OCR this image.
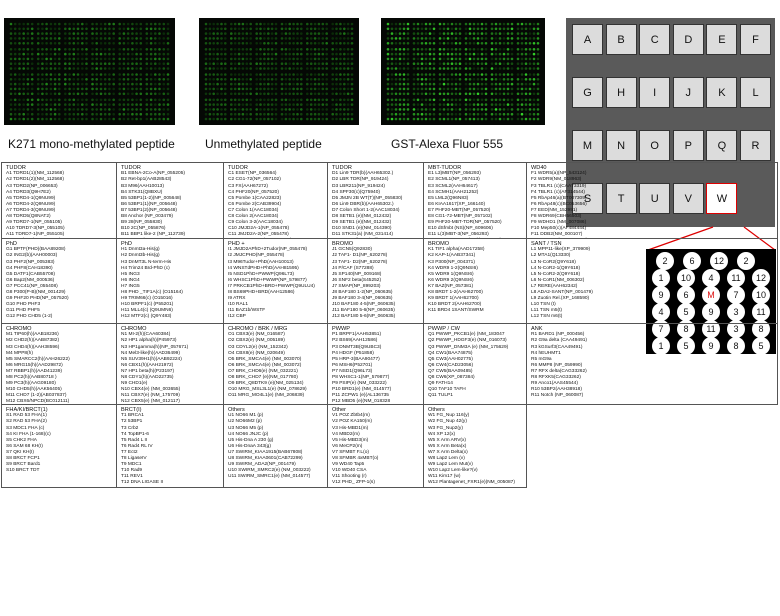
K271 mono-methylated peptide	Unmethylated peptide	GST-Alexa Fluor 555
A	B	C	D	E	F
G	H	I	J	K	L
M	N	O	P	Q	R
S	T	U	V	W
2	6	12	2
1	10	4	11	12
9	6	M	7	10
4	5	9	3	11
7	8	11	3	8
1	5	9	8	5
TUDOR
A1 TDRD1(1)(NM_112568)
A2 TDRD1(2)(NM_112568)
A3 TDRD2(NP_006653)
A4 TDRD3(Q9H7E2)
A5 TDRD4-1(Q9NU99)
A6 TDRD4-2(Q9NU99)
A7 TDRD4-3(Q9NU99)
A8 TDRD5(Q8NAT2)
A9 TDRD7-1(NP_055105)
A10 TDRD7-3(NP_055105)
A11 TDRD7-1(NP_055105)
TUDOR
B1 EBNA-2Co-A(NP_055205)
B2 Ret-bp1(AAB28543)
B3 M96(AAH10013)
B4 STK31(Q8BXU)
B5 53BP1(1-2)(NP_005648)
B6 53BP1(1)(NP_005648)
B7 53BP1(2)(NP_005648)
B8 Anchor (NP_003479)
B9 28(NP_055830)
B10 2C(NP_055876)
B11 BBP1 like-2 (NP_112739)
TUDOR
C1 ESET(NP_036564)
C2 CG1-72(NP_057102)
C3 FX(AAH67272)
C4 PHF20(NP_057520)
C5 Pombe 1(CAA22823)
C6 Pombe 2(CAB39904)
C7 Colon 1(AAC18034)
C8 Colon 2(AAC18034)
C9 Colon 3-2(AAC18034)
C10 JMJD2A-1(NP_055478)
C11 JMJD2A-2(NP_055478)
TUDOR
D1 Lin9 TDR(b)(AAH65302.)
D2 LBR TDR(NP_919424)
D3 LBR211(NP_919424)
D4 SPF30(c)(Q75940)
D5 JMJN 2B WT(T)(NP_055830)
D6 Lin9 DBR(b)(AAH65302.)
D7 Colon Short 1-2(AAC18034)
D8 SETB1 (e)(NM_012432)
D9 SETB1 (e)(NM_012432)
D10 SND1 (e)(NM_014390)
D11 STK31(a) (NM_031414)
MBT-TUDOR
E1 L3)MBT(NP_056293)
E2 SCML1(NP_057413)
E3 SCML2(AAH64617)
E4 SCMH1(AAH21252)
E5 LML2(Q96N83)
E6 KIAA1617(XP_166140)
E7 PHF20-MBT(NP_057520)
E8 CG1-72-MBT(NP_057102)
E9 PHF20-MBT-TDR(NP_057520)
E10 dSfmbt (NS)(NP_609606)
E11 L(3)MBT-3(NP_056293)
WD40
F1 WDR5(a)(NP_543124)
F2 WDR9(NM_018963)
F3 TBLR1 (c)(CAA73319)
F4 TBLR1 (c)(AF314544)
F5 RbAp46(a)(BT007309)
F6 RbAp48(c)(BC053656)
F7 EED(NM_152991)
F8 WDR69(CBH56503)
F9 WDHD1 (NM_007086)
F10 Mep50(c)(AF484444)
F11 DDB2(NM_000107)
PhD
G1 BPTF(PHD)(BAA89208)
G2 ING2(b)(AAH00003)
G3 PHF2(NP_005383)
G4 PHF8(CAH18390)
G5 DATF1(CAB55708)
G6 Bap2(NM_000536)
G7 PCC41(NP_055408)
G8 P300(P-B)(NM_001429)
G9 PHF20 PHD(NP_057520)
G10 PHD PHF3
G11 PHD PHF5
G12 PHD CHD5 (1-2)
PhD
H1 Dnmt3a-His(g)
H2 Dnmt3b-His(g)
H3 DnMT3L N-term-His
H4 Trim24 Brd-PhD (c)
H5 ING3
H6 ING4
H7 ING5
H8 PHD _TIF1A(c) (O15164)
H9 TRIM66(c) (O15016)
H10 BRPF1(c) (P55201)
H11 MLL4(c) (Q9UMN6)
H12 MTF2(c) (Q9Y483)
PHD +
I1 JMJD2APhD+2Tudor(NP_055478)
I2 JMJCPHD(NP_055478)
I3 M96Tudor+PhD(AAH10013)
I4 WNSTdPHD+PhD(AAH81595)
I5 NSD1PhD+PWWP(Q96L73)
I6 WHSC1PhD+PWWP(NP_579877)
I7 PRKCB1PhD+BRD+PWWP(Q9ULU4)
I8 BS69PHD+BRD(AAH12586)
I9 ATRX
I10 RAL1
I11 BAZ1b/WSTF
I12 CBP
BROMO
J1 GCN5(Q92830)
J2 TAF1- D1(NP_620278)
J3 TAF1- D2(NP_620278)
J4 P/CAF (S77288)
J5 SP140(NP_009168)
J6 SNF2 beta(S45252)
J7 SMAP(NP_899203)
J8 BAF180 1-2(NP_060635)
J9 BAF180 3-4(NP_060635)
J10 BAF180 4-5(NP_060635)
J11 BAF180 5-6(NP_060635)
J12 BAF180 5-6(NP_060635)
BROMO
K1 TIF1 alpha(AAD17258)
K2 KAP-1(AAB37341)
K3 P300(NP_004371)
K4 WDR9 1-2(Q9NSI6)
K5 WDR9 1(Q9NSI6)
K6 WDR9 2(Q9NSI6)
K7 BAZ(NP_057381)
K8 BRDT 1-2(AAH62700)
K9 BRDT 1(AAH62700)
K10 BRDT 2(AAH62700)
K11 BRD4 1SANT/SWRM
SANT / TSN
L1 MPP11-like(XP_379909)
L2 MTA1(Q13330)
L3 N-CoR2(Q9Y618)
L4 N-CoR2-1(Q9Y618)
L5 N-CoR2-2(Q9Y618)
L6 N-CoR1(NM_006302)
L7 RERE(AAH62342)
L8 ADA2-SANT(NP_001479)
L9 Zuotin Rel.(XP_168590)
L10 TSN (t)
L11 TSN m5(t)
L12 TSN m6(t)
CHROMO
M1 TIP60(h)(AAB18236)
M2 CHD2(h)(AAB87382)
M3 CHD4(h)(AAH38596)
M4 MPP8(h)
M5 SMARCC2(h)(AAH26222)
M6 MRG15(h)(AAD29872)
M7 RBBP1(h)(AAD41239)
M8 PC2(h)(AAB80718 )
M9 PC3(h)(AAG09180)
M10 CHD5(h)(AAK56405)
M11 CHD7 (1-2)(AB037837)
M12 CBX6/NPCD(BC012111)
CHROMO
N1 MI-2(h)(CAA60384)
N2 HP1 alpha(h)(P45973)
N3 HP1gamma(h)(NP_057671)
N4 Mel3-like(h)(AAD36499)
N5 SUV39H1(h)(AAB92224)
N6 CBX1(h)(AAH21972)
N7 HP1 beta(h)(P23197)
N8 CDY1(h)(AAD22735)
N9 CHD1(e)
N10 CBX4(e) (NM_003655)
N11 CBX7(e) (NM_175709)
N12 CBX5(e) (NM_012117)
CHROMO / BRK / MRG
O1 CBX3(e) (NM_016587)
O2 CBX2(e) (NM_005189)
O3 CDYL2(e) (NM_152342)
O4 CBX8(e) (NM_020649)
O5 BRK_SMCA4(e) (NM_003070)
O6 BRK_SMCA4(e) (NM_003072)
O7 BRK_CHD6(e) (NM_032221)
O8 BRK_CHD7 (e)(NM_017780)
O9 BRK_Q8DTK9 (e)(NM_025134)
O10 MRG_MSL3L1(e) (NM_078629)
O11 MRG_MO4L1(e) (NM_206839)
PWWP
P1 BRPF1(AAH53851)
P2 BS69(AAH12586)
P3 DNMT3B(Q9UBC3)
P4 HDGF (P51858)
P5 HRP-3(BAA90477)
P6 MSH6(P52701)
P7 NSD1(Q96L73)
P8 WHSC1-1(NP_579877)
P9 PSIP(e) (NM_033222)
P10 BRD1(e) (NM_014577)
P11 ZCPW1 (e)(AL136735
P12 MBD5 (e)(NM_018328
PWWP / CW
Q1 PWWP_PKCB1(e) (NM_183047
Q2 PWWP_HDGF3(e) (NM_016073)
Q3 PWWP_DNM3A (e) (NM_175629)
Q4 CW1(BAA74875)
Q5 CW3(AAH02775)
Q6 CW4(CAD23056)
Q7 CW5(BAA09485)
Q8 CW6(XP_087384)
Q9 FATH14
Q10 TAF10 TAFH
Q11 TULP1
ANK
R1 BARD1 (NP_000456)
R2 G9a delta (CAA49491)
R3 kGSurf3(CAA49491)
R4 hEUHMT1
R5 mG9a
R6 MMP8 (NP_059990)
R7 RFX delta(CAG33262)
R8 RFXK5(CAG33262)
R9 Anco1(AAS45544)
R10 53BP2(AAH38918)
R11 Notch (NP_060087)
FHA/KI/BRCT(1)
S1 RAD 53 FHA(1)
S2 RAD 53 FHA(2)
S3 MDC1 FHA (c)
S4 KI FHA (1-168)(c)
S5 CHK2 FHA
S6 SAM 68 KH(I)
S7 QKI KH(I)
S8 BRCT FCP1
S9 BRCT Bard1
S10 BRCT TDT
BRCT(I)
T1 BRCA1
T2 53BP1
T3 Crb2
T4 TopBP1-6
T5 Rad4 L II
T6 Rad4 RL IV
T7 Ect2
T8 LigaseIV
T9 MDC1
T10 Rad9
T11 REV1
T12 DNA LIGASE II
Others
U1 NO66 M1 (p)
U2 NO66M2 (p)
U3 NO66 M5 (p)
U4 NO66 JNJC (p)
U5 His-Dna A 230 (g)
U6 His-DnaA 343(g)
U7 SWIRM_KIAA1915(BAB67808)
U8 SWIRM_KIAA0601(CAB72299)
U9 SWIRM_ADA2(NP_001479)
U10 SWIRM_SMRC2(e) (NM_003222)
U11 SWIRM_SMRC1(e) (NM_014577)
Other
V1 POZ Zbtb4(m)
V2 POZ KA150(m)
V3 His-MBD1(m)
V4 MBD2(m)
V5 His-MBD3(m)
V6 MeCP2(m)
V7 SFMBT F.L(o)
V8 SFMBR 4xMBT(o)
V9 WD40 Tap5
V10 WD40 CSA
V11 Shooting (r)
V12 PHD_ ZFP-1(s)
Others
W1 FG_Nup 116(y)
W2 FG_Nup 42(y)
W3 FG_Nup2(y)
W4 XP 12(x)
W5 X Arm ARV(x)
W6 X Arm Beta(x)
W7 X Arm Delta(x)
W8 Lap2 Lem (v)
W9 Lap2 Lem Mut(v)
W10 Lap2 Lem-like?(v)
W11 Kim17 (w)
W12 Plantagenet_FXR1(e)(NM_005087)
